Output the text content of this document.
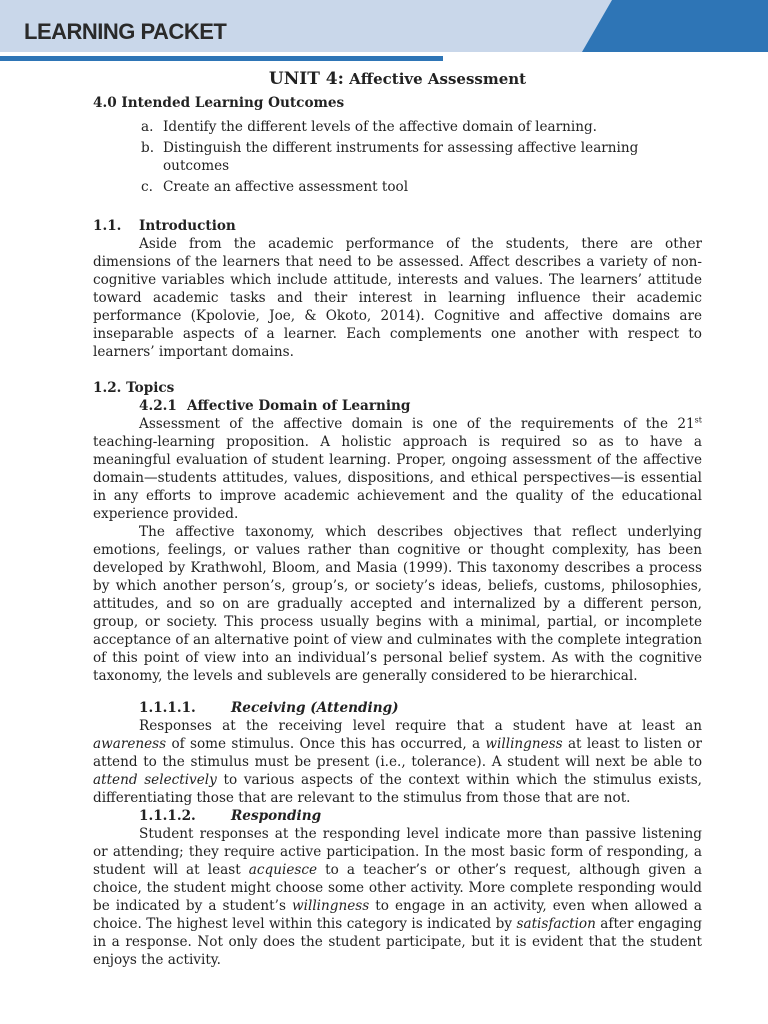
LEARNING PACKET
UNIT 4: Affective Assessment
4.0 Intended Learning Outcomes
a. Identify the different levels of the affective domain of learning.
b. Distinguish the different instruments for assessing affective learning outcomes
c. Create an affective assessment tool
1.1.	Introduction

Aside from the academic performance of the students, there are other dimensions of the learners that need to be assessed. Affect describes a variety of non-cognitive variables which include attitude, interests and values. The learners’ attitude toward academic tasks and their interest in learning influence their academic performance (Kpolovie, Joe, & Okoto, 2014). Cognitive and affective domains are inseparable aspects of a learner. Each complements one another with respect to learners’ important domains.

1.2. Topics
4.2.1 Affective Domain of Learning

Assessment of the affective domain is one of the requirements of the 21st teaching-learning proposition. A holistic approach is required so as to have a meaningful evaluation of student learning. Proper, ongoing assessment of the affective domain—students attitudes, values, dispositions, and ethical perspectives—is essential in any efforts to improve academic achievement and the quality of the educational experience provided.

The affective taxonomy, which describes objectives that reflect underlying emotions, feelings, or values rather than cognitive or thought complexity, has been developed by Krathwohl, Bloom, and Masia (1999). This taxonomy describes a process by which another person’s, group’s, or society’s ideas, beliefs, customs, philosophies, attitudes, and so on are gradually accepted and internalized by a different person, group, or society. This process usually begins with a minimal, partial, or incomplete acceptance of an alternative point of view and culminates with the complete integration of this point of view into an individual’s personal belief system. As with the cognitive taxonomy, the levels and sublevels are generally considered to be hierarchical.

1.1.1.1.	Receiving (Attending)

Responses at the receiving level require that a student have at least an awareness of some stimulus. Once this has occurred, a willingness at least to listen or attend to the stimulus must be present (i.e., tolerance). A student will next be able to attend selectively to various aspects of the context within which the stimulus exists, differentiating those that are relevant to the stimulus from those that are not.

1.1.1.2.	Responding

Student responses at the responding level indicate more than passive listening or attending; they require active participation. In the most basic form of responding, a student will at least acquiesce to a teacher’s or other’s request, although given a choice, the student might choose some other activity. More complete responding would be indicated by a student’s willingness to engage in an activity, even when allowed a choice. The highest level within this category is indicated by satisfaction after engaging in a response. Not only does the student participate, but it is evident that the student enjoys the activity.
